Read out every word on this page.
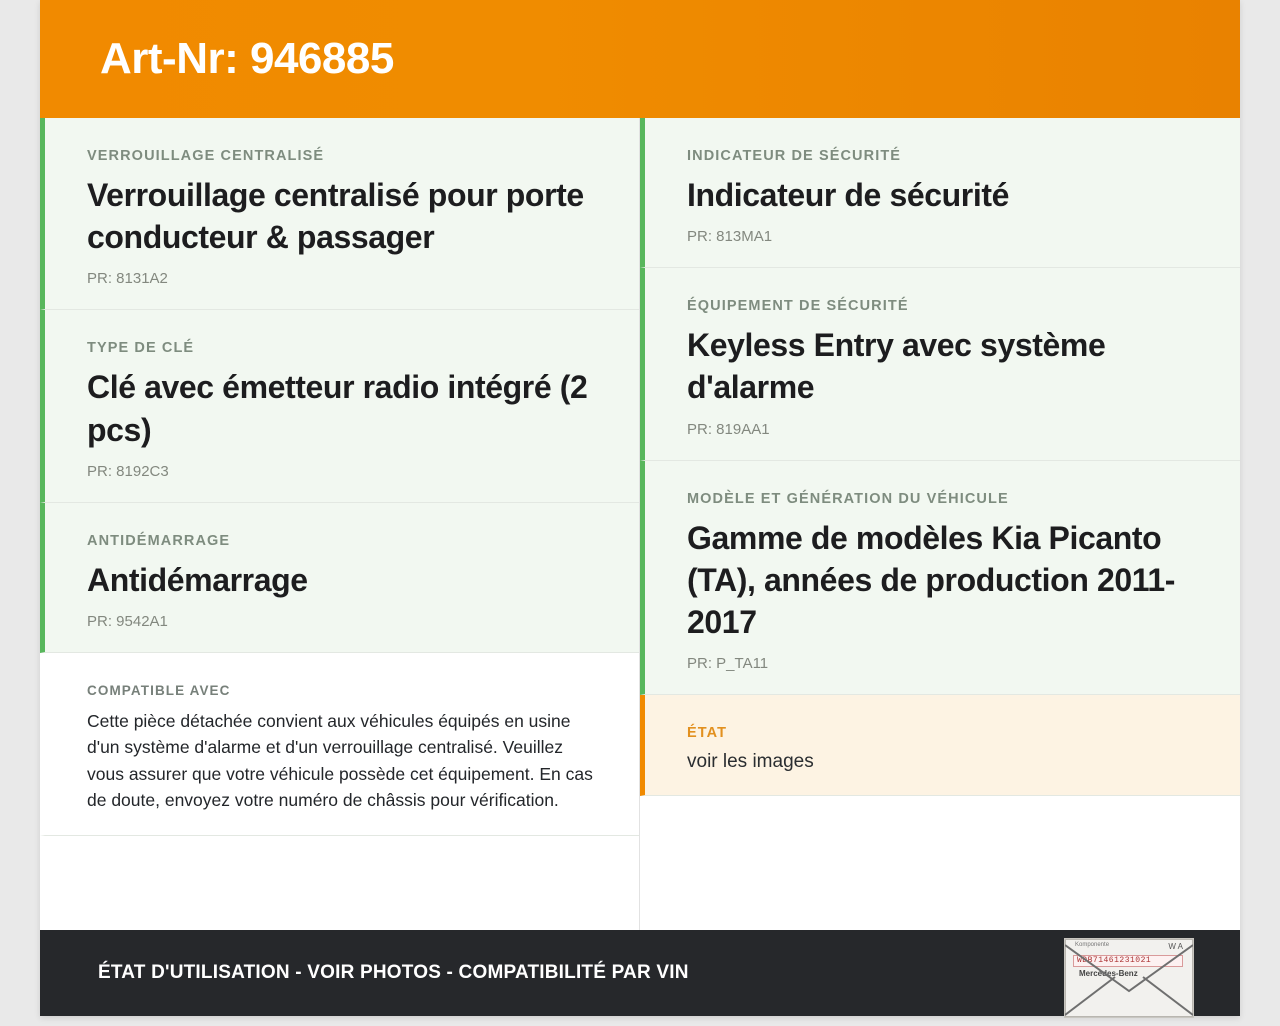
Art-Nr: 946885

VERROUILLAGE CENTRALISÉ

Verrouillage centralisé pour porte conducteur & passager

PR: 8131A2

TYPE DE CLÉ

Clé avec émetteur radio intégré (2 pcs)

PR: 8192C3

ANTIDÉMARRAGE

Antidémarrage

PR: 9542A1

COMPATIBLE AVEC

Cette pièce détachée convient aux véhicules équipés en usine d'un système d'alarme et d'un verrouillage centralisé. Veuillez vous assurer que votre véhicule possède cet équipement. En cas de doute, envoyez votre numéro de châssis pour vérification.

INDICATEUR DE SÉCURITÉ

Indicateur de sécurité

PR: 813MA1

ÉQUIPEMENT DE SÉCURITÉ

Keyless Entry avec système d'alarme

PR: 819AA1

MODÈLE ET GÉNÉRATION DU VÉHICULE

Gamme de modèles Kia Picanto (TA), années de production 2011-2017

PR: P_TA11

ÉTAT

voir les images

ÉTAT D'UTILISATION - VOIR PHOTOS - COMPATIBILITÉ PAR VIN
Komponente	W A
WDB71461231021
Mercedes-Benz
